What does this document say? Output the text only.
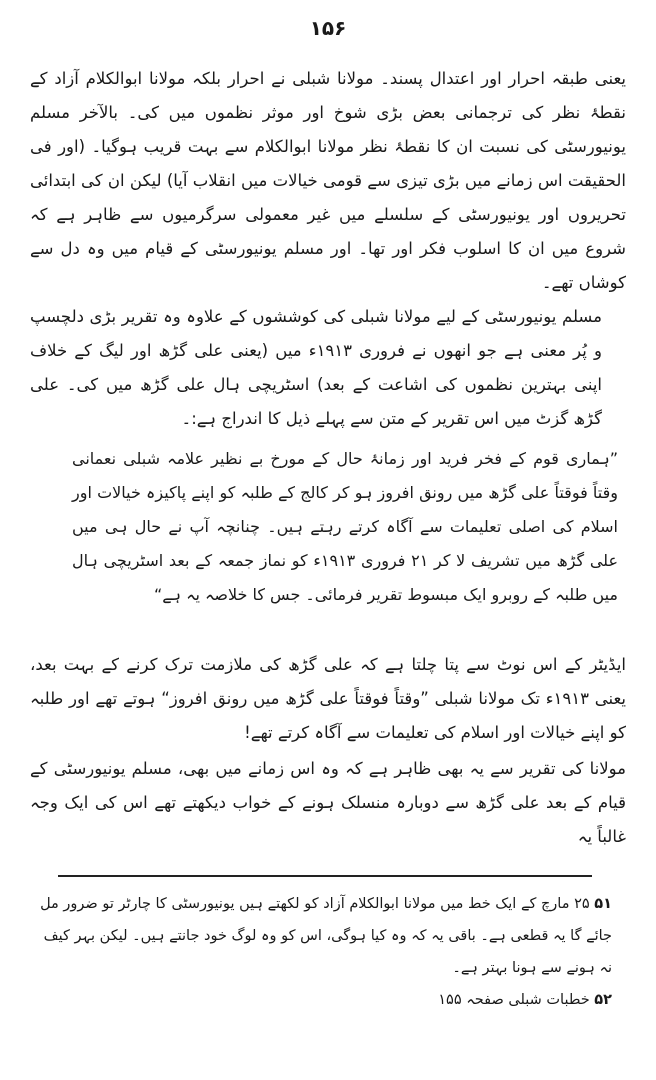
۱۵۶

یعنی طبقہ احرار اور اعتدال پسند۔ مولانا شبلی نے احرار بلکہ مولانا ابوالکلام آزاد کے نقطۂ نظر کی ترجمانی بعض بڑی شوخ اور موثر نظموں میں کی۔ بالآخر مسلم یونیورسٹی کی نسبت ان کا نقطۂ نظر مولانا ابوالکلام سے بہت قریب ہوگیا۔ (اور فی الحقیقت اس زمانے میں بڑی تیزی سے قومی خیالات میں انقلاب آیا) لیکن ان کی ابتدائی تحریروں اور یونیورسٹی کے سلسلے میں غیر معمولی سرگرمیوں سے ظاہر ہے کہ شروع میں ان کا اسلوب فکر اور تھا۔ اور مسلم یونیورسٹی کے قیام میں وہ دل سے کوشاں تھے۔

مسلم یونیورسٹی کے لیے مولانا شبلی کی کوششوں کے علاوہ وہ تقریر بڑی دلچسپ و پُر معنی ہے جو انھوں نے فروری ۱۹۱۳ء میں (یعنی علی گڑھ اور لیگ کے خلاف اپنی بہترین نظموں کی اشاعت کے بعد) اسٹریچی ہال علی گڑھ میں کی۔ علی گڑھ گزٹ میں اس تقریر کے متن سے پہلے ذیل کا اندراج ہے:۔

”ہماری قوم کے فخر فرید اور زمانۂ حال کے مورخ بے نظیر علامہ شبلی نعمانی وقتاً فوقتاً علی گڑھ میں رونق افروز ہو کر کالج کے طلبہ کو اپنے پاکیزہ خیالات اور اسلام کی اصلی تعلیمات سے آگاہ کرتے رہتے ہیں۔ چنانچہ آپ نے حال ہی میں علی گڑھ میں تشریف لا کر ۲۱ فروری ۱۹۱۳ء کو نماز جمعہ کے بعد اسٹریچی ہال میں طلبہ کے روبرو ایک مبسوط تقریر فرمائی۔ جس کا خلاصہ یہ ہے“

ایڈیٹر کے اس نوٹ سے پتا چلتا ہے کہ علی گڑھ کی ملازمت ترک کرنے کے بہت بعد، یعنی ۱۹۱۳ء تک مولانا شبلی ”وقتاً فوقتاً علی گڑھ میں رونق افروز“ ہوتے تھے اور طلبہ کو اپنے خیالات اور اسلام کی تعلیمات سے آگاہ کرتے تھے!

مولانا کی تقریر سے یہ بھی ظاہر ہے کہ وہ اس زمانے میں بھی، مسلم یونیورسٹی کے قیام کے بعد علی گڑھ سے دوبارہ منسلک ہونے کے خواب دیکھتے تھے اس کی ایک وجہ غالباً یہ

۵۱ ۲۵ مارچ کے ایک خط میں مولانا ابوالکلام آزاد کو لکھتے ہیں یونیورسٹی کا چارٹر تو ضرور مل جائے گا یہ قطعی ہے۔ باقی یہ کہ وہ کیا ہوگی، اس کو وہ لوگ خود جانتے ہیں۔ لیکن بہر کیف نہ ہونے سے ہونا بہتر ہے۔

۵۲ خطبات شبلی صفحہ ۱۵۵
